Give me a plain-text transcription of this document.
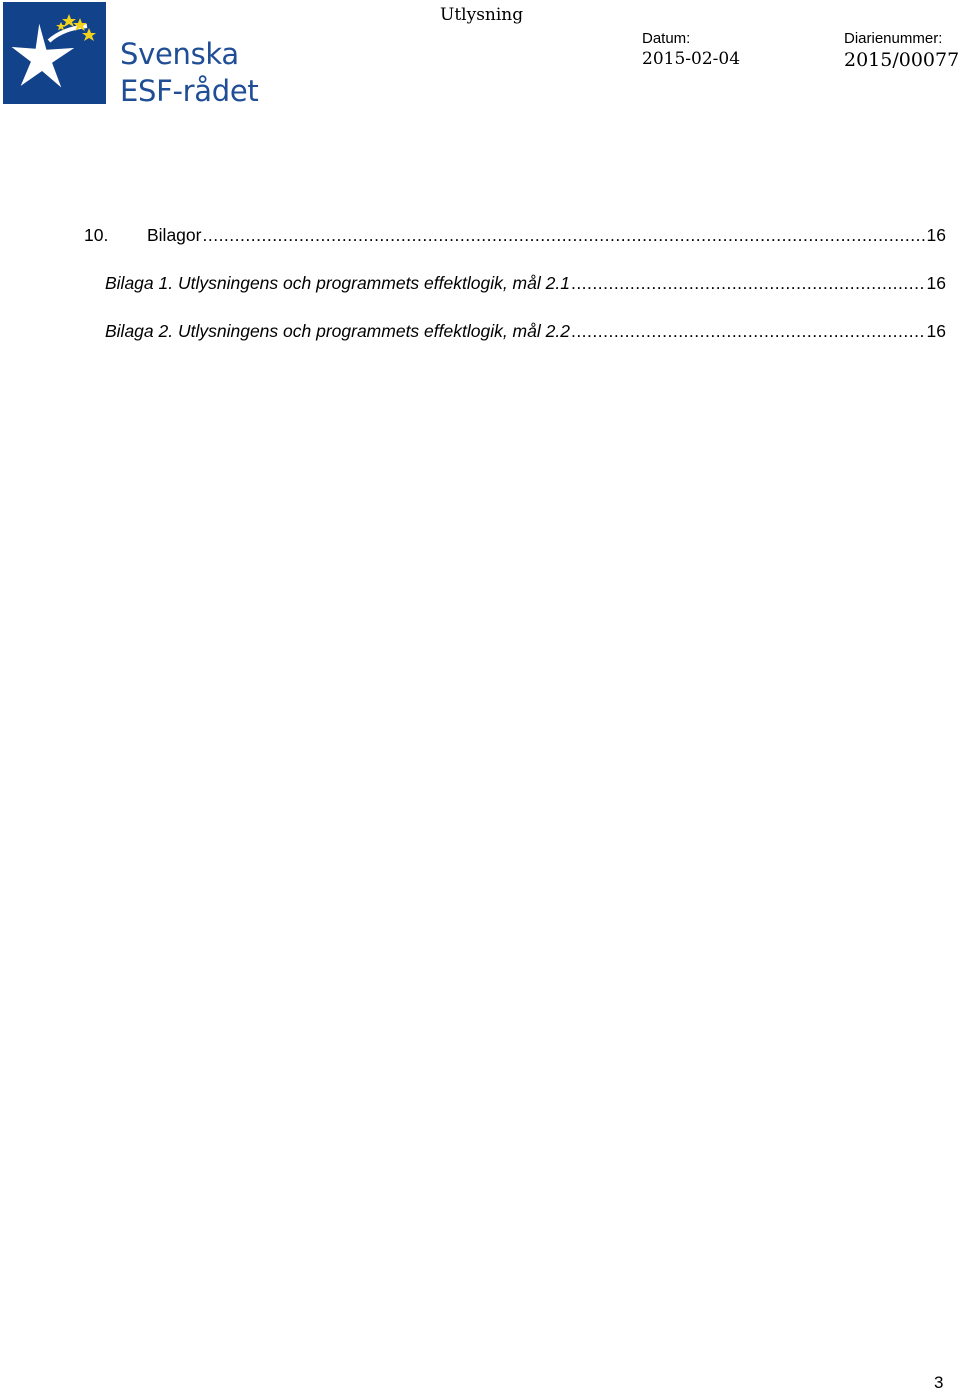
Svenska
ESF-rådet
Utlysning
Datum:
2015-02-04
Diarienummer:
2015/00077
10.	Bilagor .....	16
Bilaga 1. Utlysningens och programmets effektlogik, mål 2.1 .....	16
Bilaga 2. Utlysningens och programmets effektlogik, mål 2.2 .....	16
3
